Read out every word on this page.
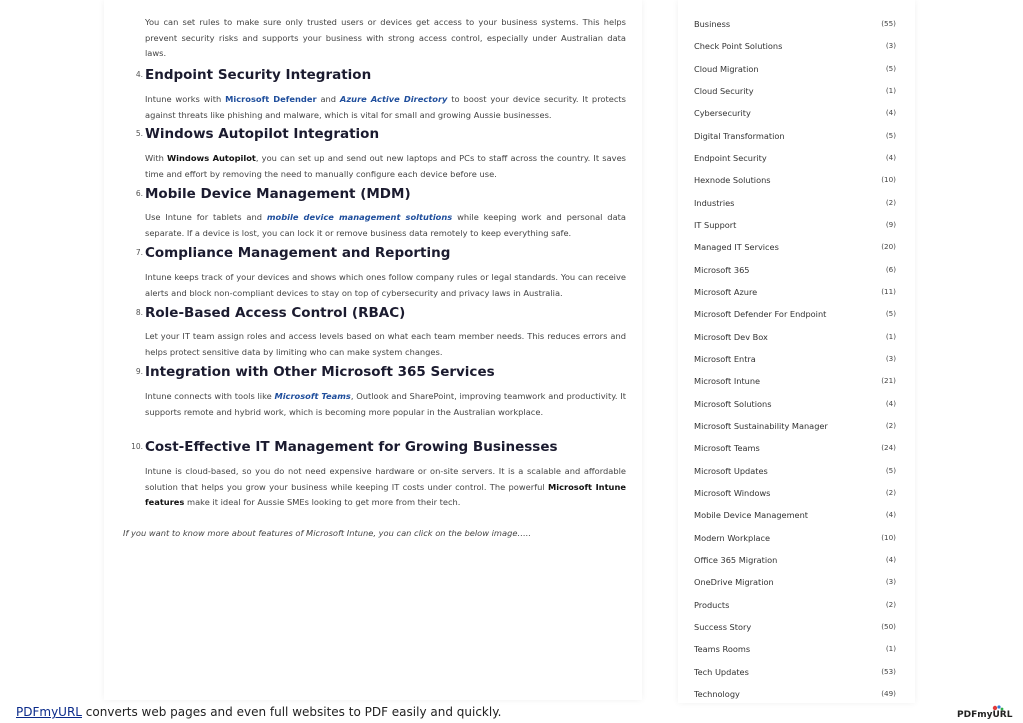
You can set rules to make sure only trusted users or devices get access to your business systems. This helps prevent security risks and supports your business with strong access control, especially under Australian data laws.

4. Endpoint Security Integration

Intune works with Microsoft Defender and Azure Active Directory to boost your device security. It protects against threats like phishing and malware, which is vital for small and growing Aussie businesses.

5. Windows Autopilot Integration

With Windows Autopilot, you can set up and send out new laptops and PCs to staff across the country. It saves time and effort by removing the need to manually configure each device before use.

6. Mobile Device Management (MDM)

Use Intune for tablets and mobile device management soltutions while keeping work and personal data separate. If a device is lost, you can lock it or remove business data remotely to keep everything safe.

7. Compliance Management and Reporting

Intune keeps track of your devices and shows which ones follow company rules or legal standards. You can receive alerts and block non-compliant devices to stay on top of cybersecurity and privacy laws in Australia.

8. Role-Based Access Control (RBAC)

Let your IT team assign roles and access levels based on what each team member needs. This reduces errors and helps protect sensitive data by limiting who can make system changes.

9. Integration with Other Microsoft 365 Services

Intune connects with tools like Microsoft Teams, Outlook and SharePoint, improving teamwork and productivity. It supports remote and hybrid work, which is becoming more popular in the Australian workplace.

10. Cost-Effective IT Management for Growing Businesses

Intune is cloud-based, so you do not need expensive hardware or on-site servers. It is a scalable and affordable solution that helps you grow your business while keeping IT costs under control. The powerful Microsoft Intune features make it ideal for Aussie SMEs looking to get more from their tech.

If you want to know more about features of Microsoft Intune, you can click on the below image…..
Business	(55)
Check Point Solutions	(3)
Cloud Migration	(5)
Cloud Security	(1)
Cybersecurity	(4)
Digital Transformation	(5)
Endpoint Security	(4)
Hexnode Solutions	(10)
Industries	(2)
IT Support	(9)
Managed IT Services	(20)
Microsoft 365	(6)
Microsoft Azure	(11)
Microsoft Defender For Endpoint	(5)
Microsoft Dev Box	(1)
Microsoft Entra	(3)
Microsoft Intune	(21)
Microsoft Solutions	(4)
Microsoft Sustainability Manager	(2)
Microsoft Teams	(24)
Microsoft Updates	(5)
Microsoft Windows	(2)
Mobile Device Management	(4)
Modern Workplace	(10)
Office 365 Migration	(4)
OneDrive Migration	(3)
Products	(2)
Success Story	(50)
Teams Rooms	(1)
Tech Updates	(53)
Technology	(49)
PDFmyURL converts web pages and even full websites to PDF easily and quickly.	PDFmyURL
